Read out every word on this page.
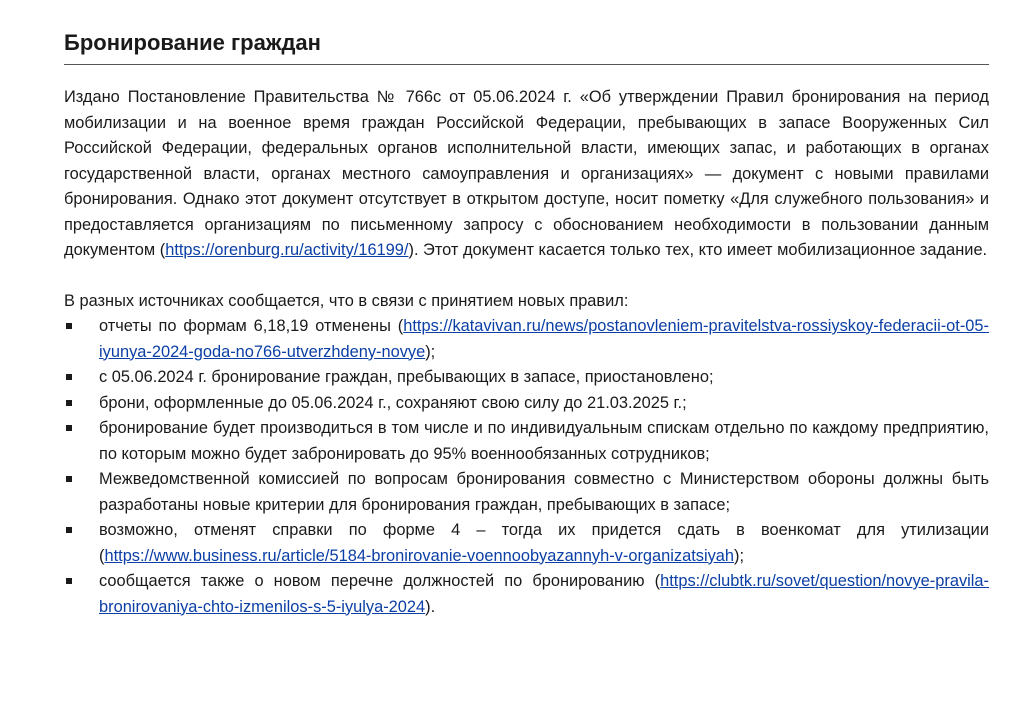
Бронирование граждан

Издано Постановление Правительства № 766с от 05.06.2024 г. «Об утверждении Правил бронирования на период мобилизации и на военное время граждан Российской Федерации, пребывающих в запасе Вооруженных Сил Российской Федерации, федеральных органов исполнительной власти, имеющих запас, и работающих в органах государственной власти, органах местного самоуправления и организациях» — документ с новыми правилами бронирования. Однако этот документ отсутствует в открытом доступе, носит пометку «Для служебного пользования» и предоставляется организациям по письменному запросу с обоснованием необходимости в пользовании данным документом (https://orenburg.ru/activity/16199/). Этот документ касается только тех, кто имеет мобилизационное задание.

В разных источниках сообщается, что в связи с принятием новых правил:

отчеты по формам 6,18,19 отменены (https://katavivan.ru/news/postanovleniem-pravitelstva-rossiyskoy-federacii-ot-05-iyunya-2024-goda-no766-utverzhdeny-novye);
с 05.06.2024 г. бронирование граждан, пребывающих в запасе, приостановлено;
брони, оформленные до 05.06.2024 г., сохраняют свою силу до 21.03.2025 г.;
бронирование будет производиться в том числе и по индивидуальным спискам отдельно по каждому предприятию, по которым можно будет забронировать до 95% военнообязанных сотрудников;
Межведомственной комиссией по вопросам бронирования совместно с Министерством обороны должны быть разработаны новые критерии для бронирования граждан, пребывающих в запасе;
возможно, отменят справки по форме 4 – тогда их придется сдать в военкомат для утилизации (https://www.business.ru/article/5184-bronirovanie-voennoobyazannyh-v-organizatsiyah);
сообщается также о новом перечне должностей по бронированию (https://clubtk.ru/sovet/question/novye-pravila-bronirovaniya-chto-izmenilos-s-5-iyulya-2024).
